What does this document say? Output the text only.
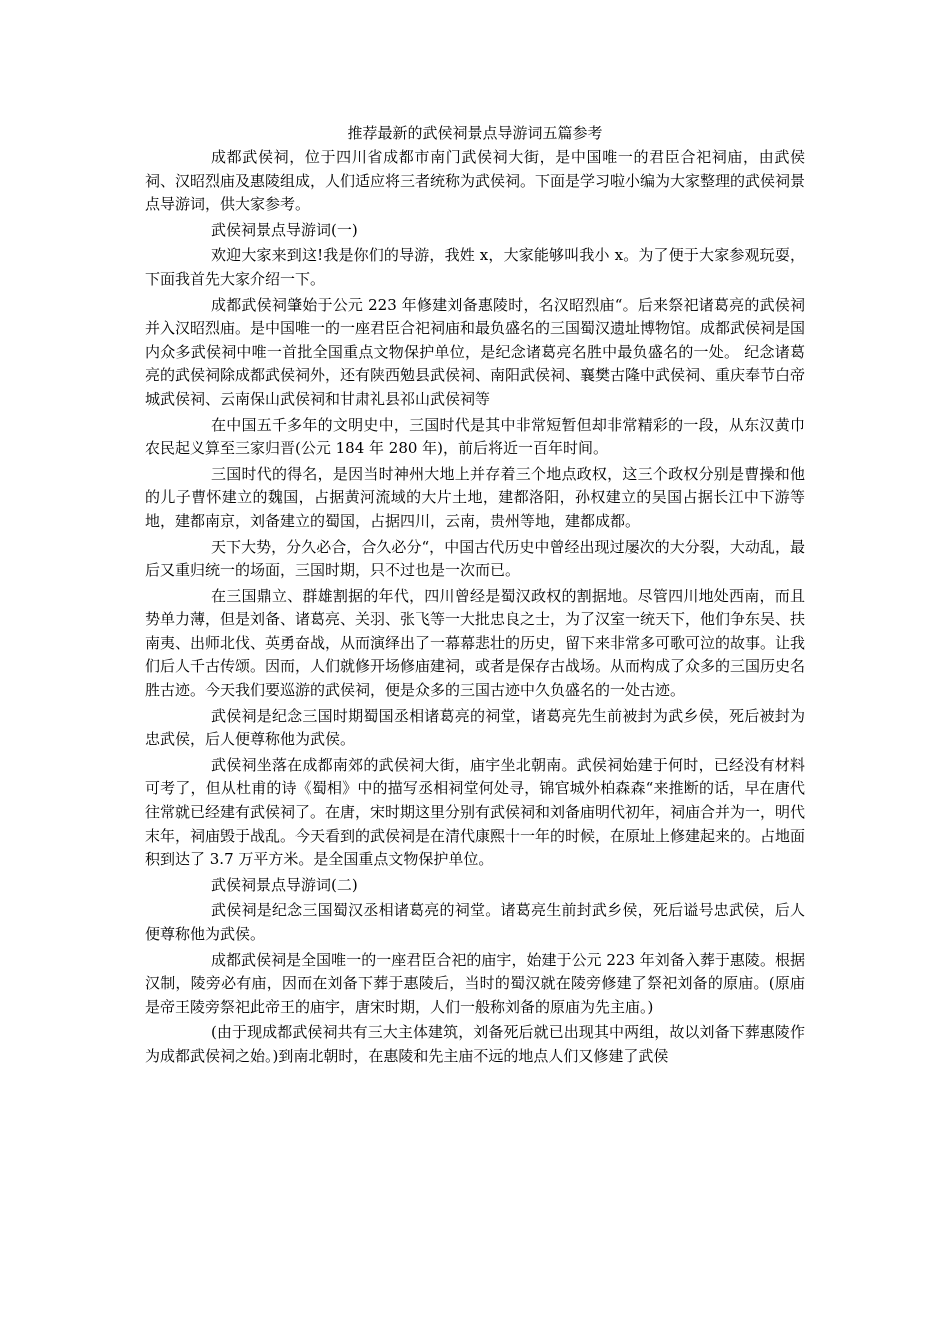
推荐最新的武侯祠景点导游词五篇参考

成都武侯祠，位于四川省成都市南门武侯祠大街，是中国唯一的君臣合祀祠庙，由武侯祠、汉昭烈庙及惠陵组成，人们适应将三者统称为武侯祠。下面是学习啦小编为大家整理的武侯祠景点导游词，供大家参考。

武侯祠景点导游词(一)

欢迎大家来到这!我是你们的导游，我姓 x，大家能够叫我小 x。为了便于大家参观玩耍，下面我首先大家介绍一下。

成都武侯祠肇始于公元 223 年修建刘备惠陵时，名汉昭烈庙“。后来祭祀诸葛亮的武侯祠并入汉昭烈庙。是中国唯一的一座君臣合祀祠庙和最负盛名的三国蜀汉遗址博物馆。成都武侯祠是国内众多武侯祠中唯一首批全国重点文物保护单位，是纪念诸葛亮名胜中最负盛名的一处。 纪念诸葛亮的武侯祠除成都武侯祠外，还有陕西勉县武侯祠、南阳武侯祠、襄樊古隆中武侯祠、重庆奉节白帝城武侯祠、云南保山武侯祠和甘肃礼县祁山武侯祠等

在中国五千多年的文明史中，三国时代是其中非常短暂但却非常精彩的一段，从东汉黄巾农民起义算至三家归晋(公元 184 年 280 年)，前后将近一百年时间。

三国时代的得名，是因当时神州大地上并存着三个地点政权，这三个政权分别是曹操和他的儿子曹怀建立的魏国，占据黄河流域的大片土地，建都洛阳，孙权建立的吴国占据长江中下游等地，建都南京，刘备建立的蜀国，占据四川，云南，贵州等地，建都成都。

天下大势，分久必合，合久必分“，中国古代历史中曾经出现过屡次的大分裂，大动乱，最后又重归统一的场面，三国时期，只不过也是一次而已。

在三国鼎立、群雄割据的年代，四川曾经是蜀汉政权的割据地。尽管四川地处西南，而且势单力薄，但是刘备、诸葛亮、关羽、张飞等一大批忠良之士，为了汉室一统天下，他们争东吴、扶南夷、出师北伐、英勇奋战，从而演绎出了一幕幕悲壮的历史，留下来非常多可歌可泣的故事。让我们后人千古传颂。因而，人们就修开场修庙建祠，或者是保存古战场。从而构成了众多的三国历史名胜古迹。今天我们要巡游的武侯祠，便是众多的三国古迹中久负盛名的一处古迹。

武侯祠是纪念三国时期蜀国丞相诸葛亮的祠堂，诸葛亮先生前被封为武乡侯，死后被封为忠武侯，后人便尊称他为武侯。

武侯祠坐落在成都南郊的武侯祠大街，庙宇坐北朝南。武侯祠始建于何时，已经没有材料可考了，但从杜甫的诗《蜀相》中的描写丞相祠堂何处寻，锦官城外柏森森“来推断的话，早在唐代往常就已经建有武侯祠了。在唐，宋时期这里分别有武侯祠和刘备庙明代初年，祠庙合并为一，明代末年，祠庙毁于战乱。今天看到的武侯祠是在清代康熙十一年的时候，在原址上修建起来的。占地面积到达了 3.7 万平方米。是全国重点文物保护单位。

武侯祠景点导游词(二)

武侯祠是纪念三国蜀汉丞相诸葛亮的祠堂。诸葛亮生前封武乡侯，死后谥号忠武侯，后人便尊称他为武侯。

成都武侯祠是全国唯一的一座君臣合祀的庙宇，始建于公元 223 年刘备入葬于惠陵。根据汉制，陵旁必有庙，因而在刘备下葬于惠陵后，当时的蜀汉就在陵旁修建了祭祀刘备的原庙。(原庙是帝王陵旁祭祀此帝王的庙宇，唐宋时期，人们一般称刘备的原庙为先主庙。)

(由于现成都武侯祠共有三大主体建筑，刘备死后就已出现其中两组，故以刘备下葬惠陵作为成都武侯祠之始。)到南北朝时，在惠陵和先主庙不远的地点人们又修建了武侯
